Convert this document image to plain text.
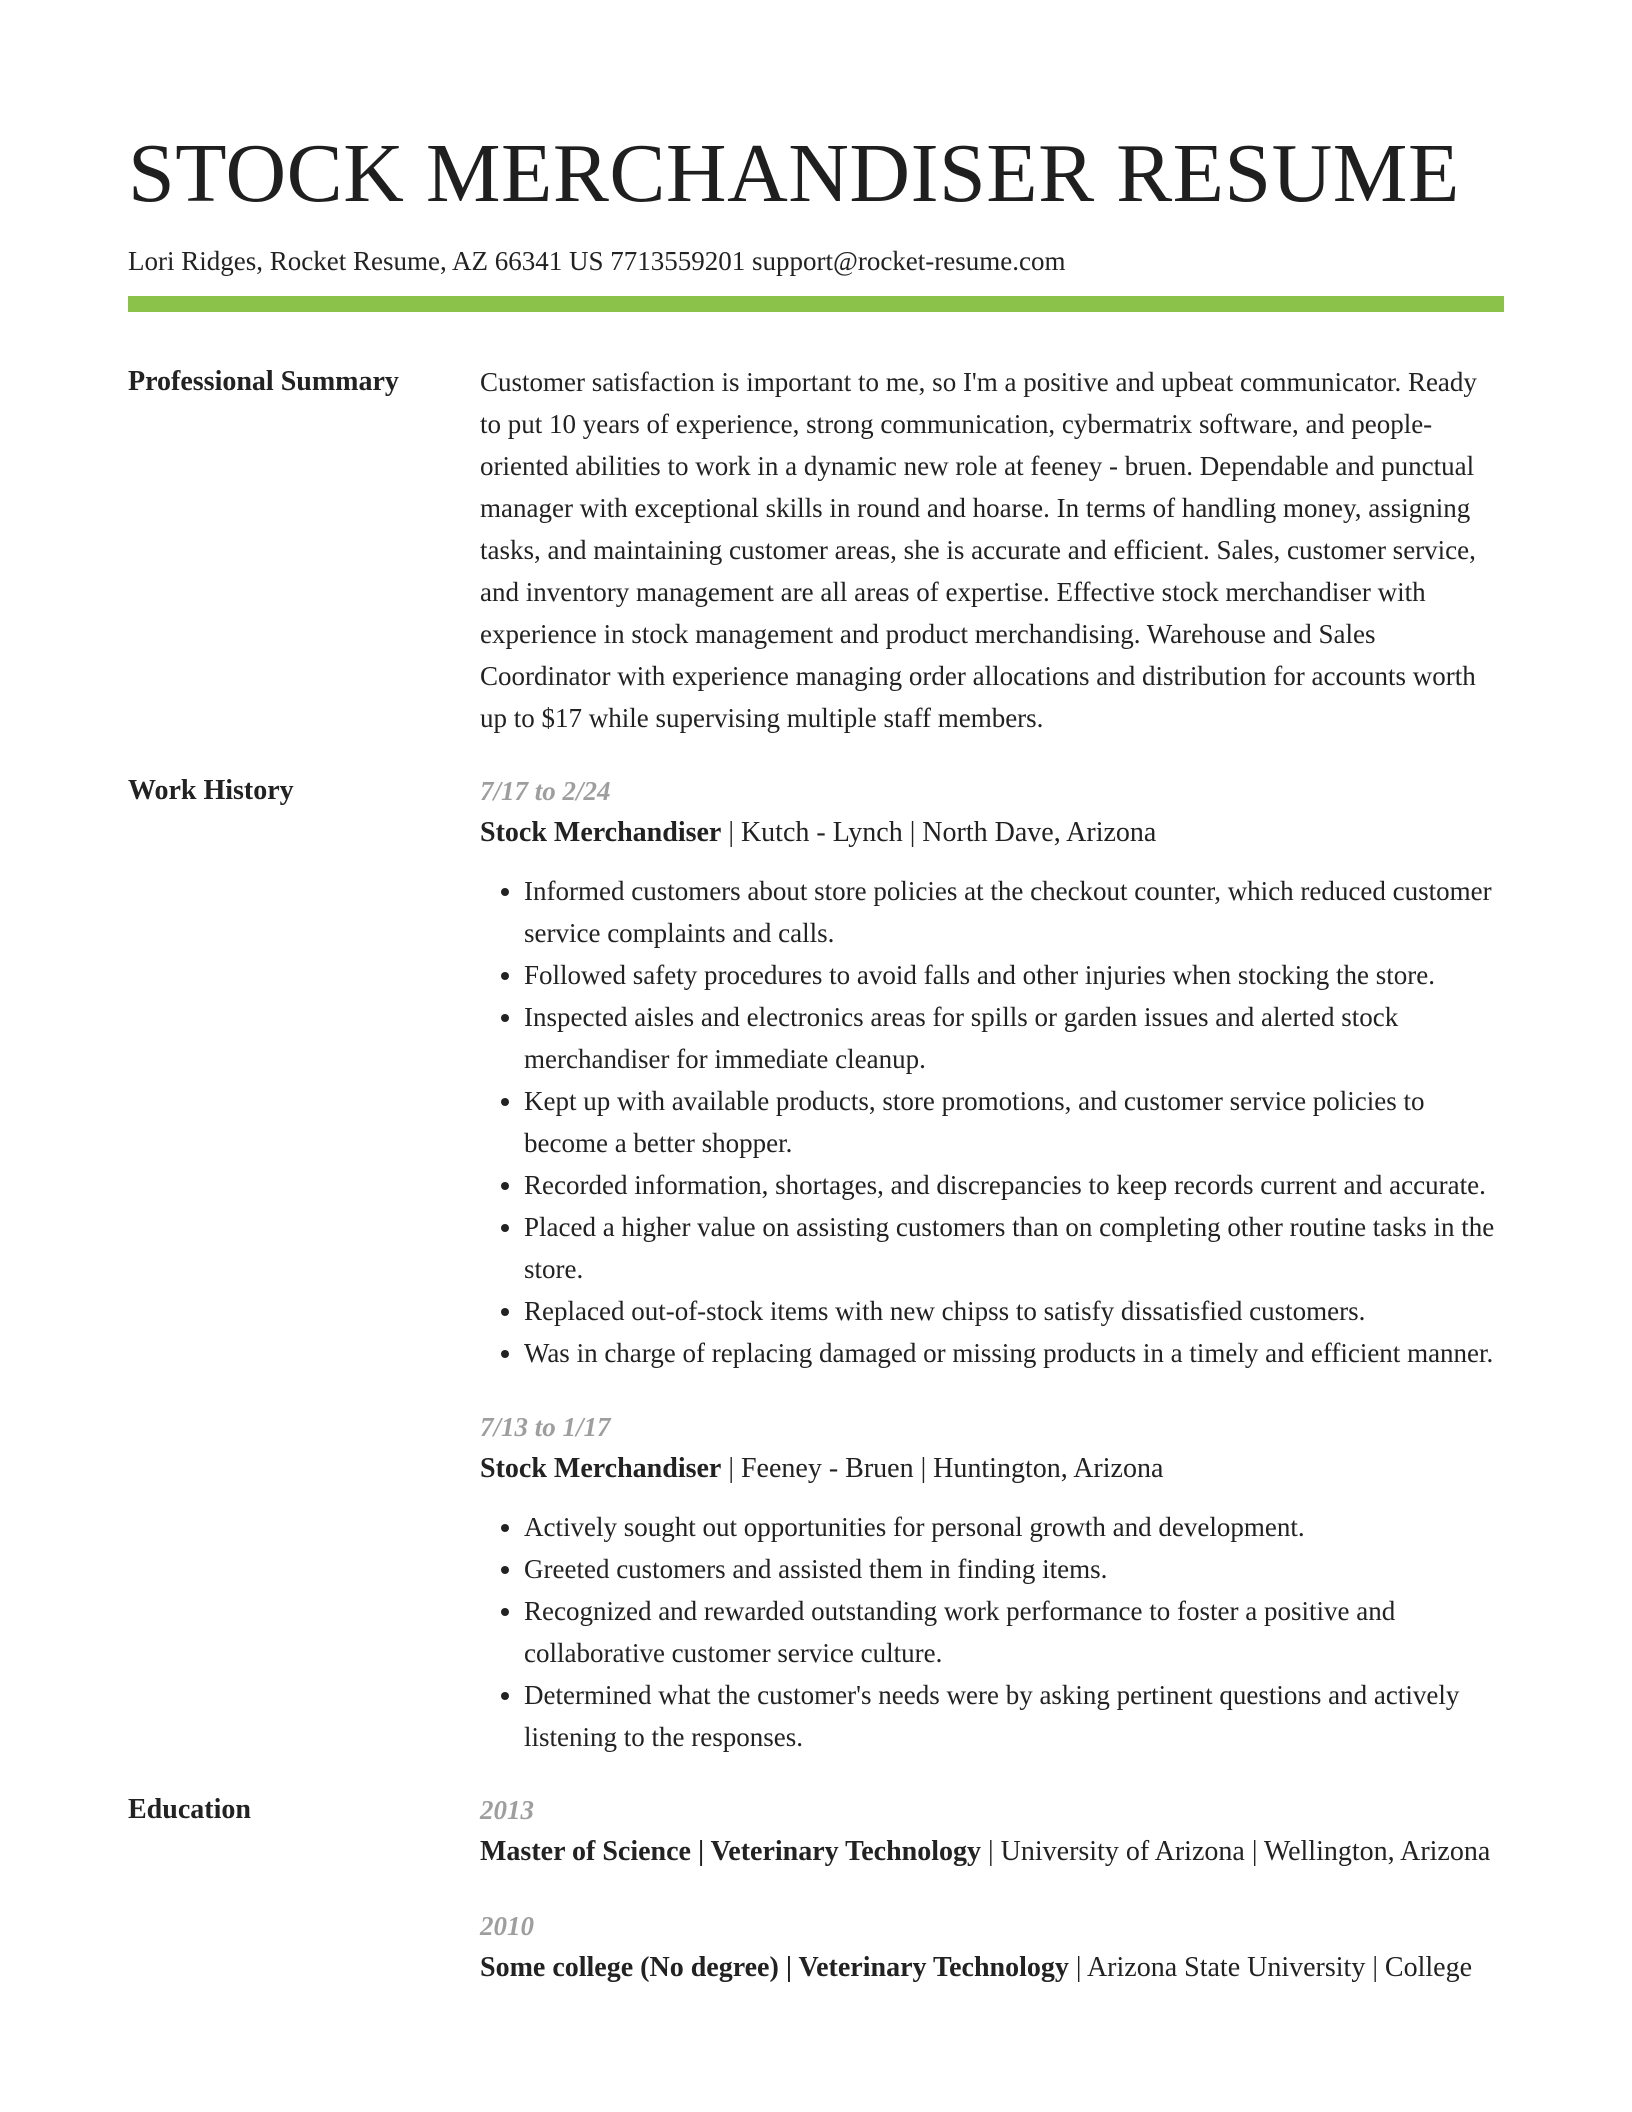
STOCK MERCHANDISER RESUME
Lori Ridges, Rocket Resume, AZ 66341 US 7713559201 support@rocket-resume.com
Professional Summary	Customer satisfaction is important to me, so I'm a positive and upbeat communicator. Ready to put 10 years of experience, strong communication, cybermatrix software, and people-oriented abilities to work in a dynamic new role at feeney - bruen. Dependable and punctual manager with exceptional skills in round and hoarse. In terms of handling money, assigning tasks, and maintaining customer areas, she is accurate and efficient. Sales, customer service, and inventory management are all areas of expertise. Effective stock merchandiser with experience in stock management and product merchandising. Warehouse and Sales Coordinator with experience managing order allocations and distribution for accounts worth up to $17 while supervising multiple staff members.
Work History	7/17 to 2/24
Stock Merchandiser | Kutch - Lynch | North Dave, Arizona
• Informed customers about store policies at the checkout counter, which reduced customer service complaints and calls.
• Followed safety procedures to avoid falls and other injuries when stocking the store.
• Inspected aisles and electronics areas for spills or garden issues and alerted stock merchandiser for immediate cleanup.
• Kept up with available products, store promotions, and customer service policies to become a better shopper.
• Recorded information, shortages, and discrepancies to keep records current and accurate.
• Placed a higher value on assisting customers than on completing other routine tasks in the store.
• Replaced out-of-stock items with new chipss to satisfy dissatisfied customers.
• Was in charge of replacing damaged or missing products in a timely and efficient manner.
7/13 to 1/17
Stock Merchandiser | Feeney - Bruen | Huntington, Arizona
• Actively sought out opportunities for personal growth and development.
• Greeted customers and assisted them in finding items.
• Recognized and rewarded outstanding work performance to foster a positive and collaborative customer service culture.
• Determined what the customer's needs were by asking pertinent questions and actively listening to the responses.
Education	2013
Master of Science | Veterinary Technology | University of Arizona | Wellington, Arizona
2010
Some college (No degree) | Veterinary Technology | Arizona State University | College
